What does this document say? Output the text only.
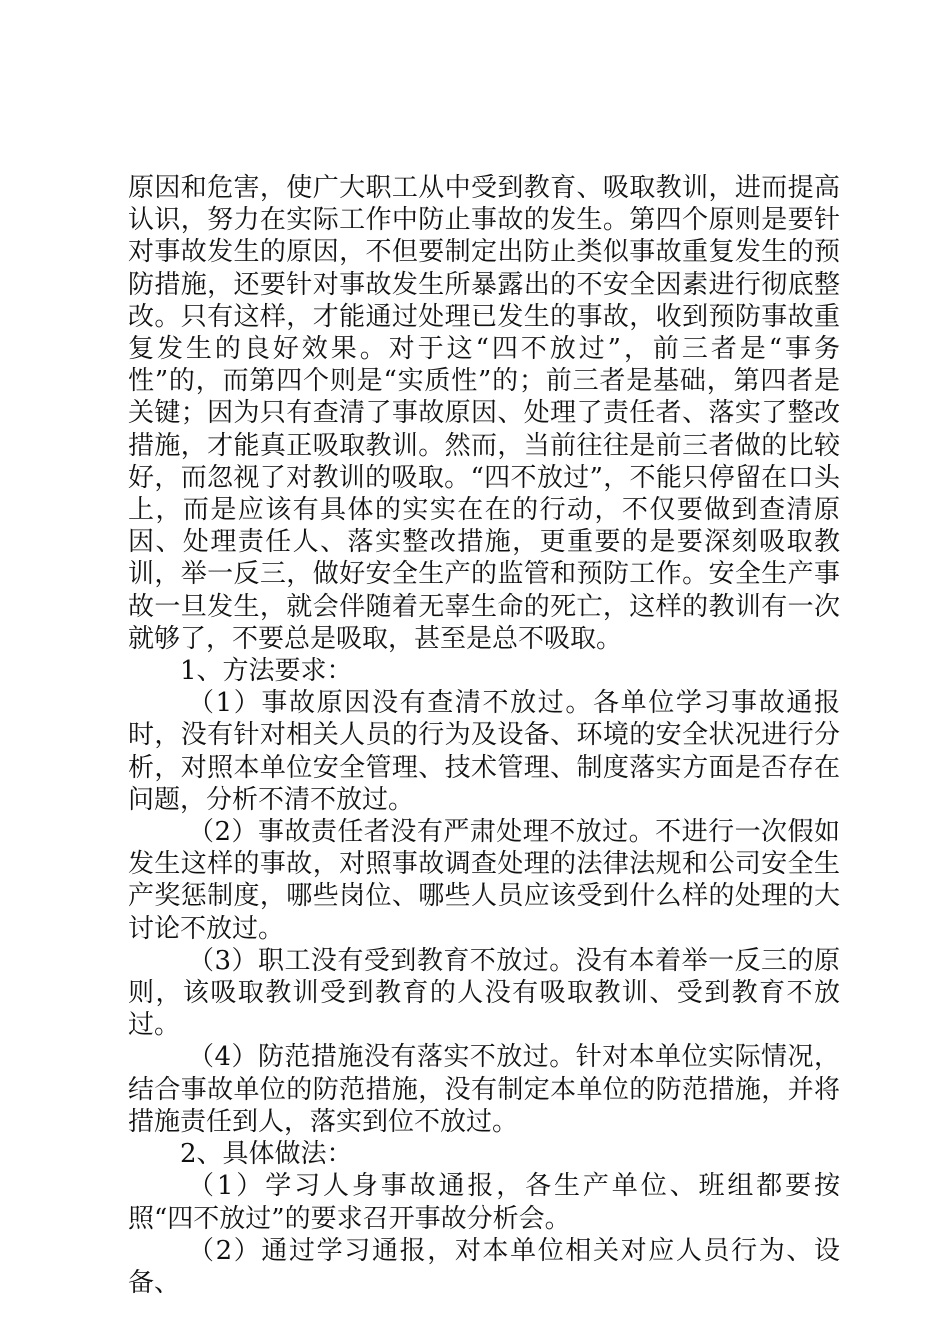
原因和危害，使广大职工从中受到教育、吸取教训，进而提高认识，努力在实际工作中防止事故的发生。第四个原则是要针对事故发生的原因，不但要制定出防止类似事故重复发生的预防措施，还要针对事故发生所暴露出的不安全因素进行彻底整改。只有这样，才能通过处理已发生的事故，收到预防事故重复发生的良好效果。对于这“四不放过”，前三者是“事务性”的，而第四个则是“实质性”的；前三者是基础，第四者是关键；因为只有查清了事故原因、处理了责任者、落实了整改措施，才能真正吸取教训。然而，当前往往是前三者做的比较好，而忽视了对教训的吸取。“四不放过”，不能只停留在口头上，而是应该有具体的实实在在的行动，不仅要做到查清原因、处理责任人、落实整改措施，更重要的是要深刻吸取教训，举一反三，做好安全生产的监管和预防工作。安全生产事故一旦发生，就会伴随着无辜生命的死亡，这样的教训有一次就够了，不要总是吸取，甚至是总不吸取。

1、方法要求：

（1）事故原因没有查清不放过。各单位学习事故通报时，没有针对相关人员的行为及设备、环境的安全状况进行分析，对照本单位安全管理、技术管理、制度落实方面是否存在问题，分析不清不放过。

（2）事故责任者没有严肃处理不放过。不进行一次假如发生这样的事故，对照事故调查处理的法律法规和公司安全生产奖惩制度，哪些岗位、哪些人员应该受到什么样的处理的大讨论不放过。

（3）职工没有受到教育不放过。没有本着举一反三的原则，该吸取教训受到教育的人没有吸取教训、受到教育不放过。

（4）防范措施没有落实不放过。针对本单位实际情况，结合事故单位的防范措施，没有制定本单位的防范措施，并将措施责任到人，落实到位不放过。

2、具体做法：

（1）学习人身事故通报，各生产单位、班组都要按照“四不放过”的要求召开事故分析会。

（2）通过学习通报，对本单位相关对应人员行为、设备、
